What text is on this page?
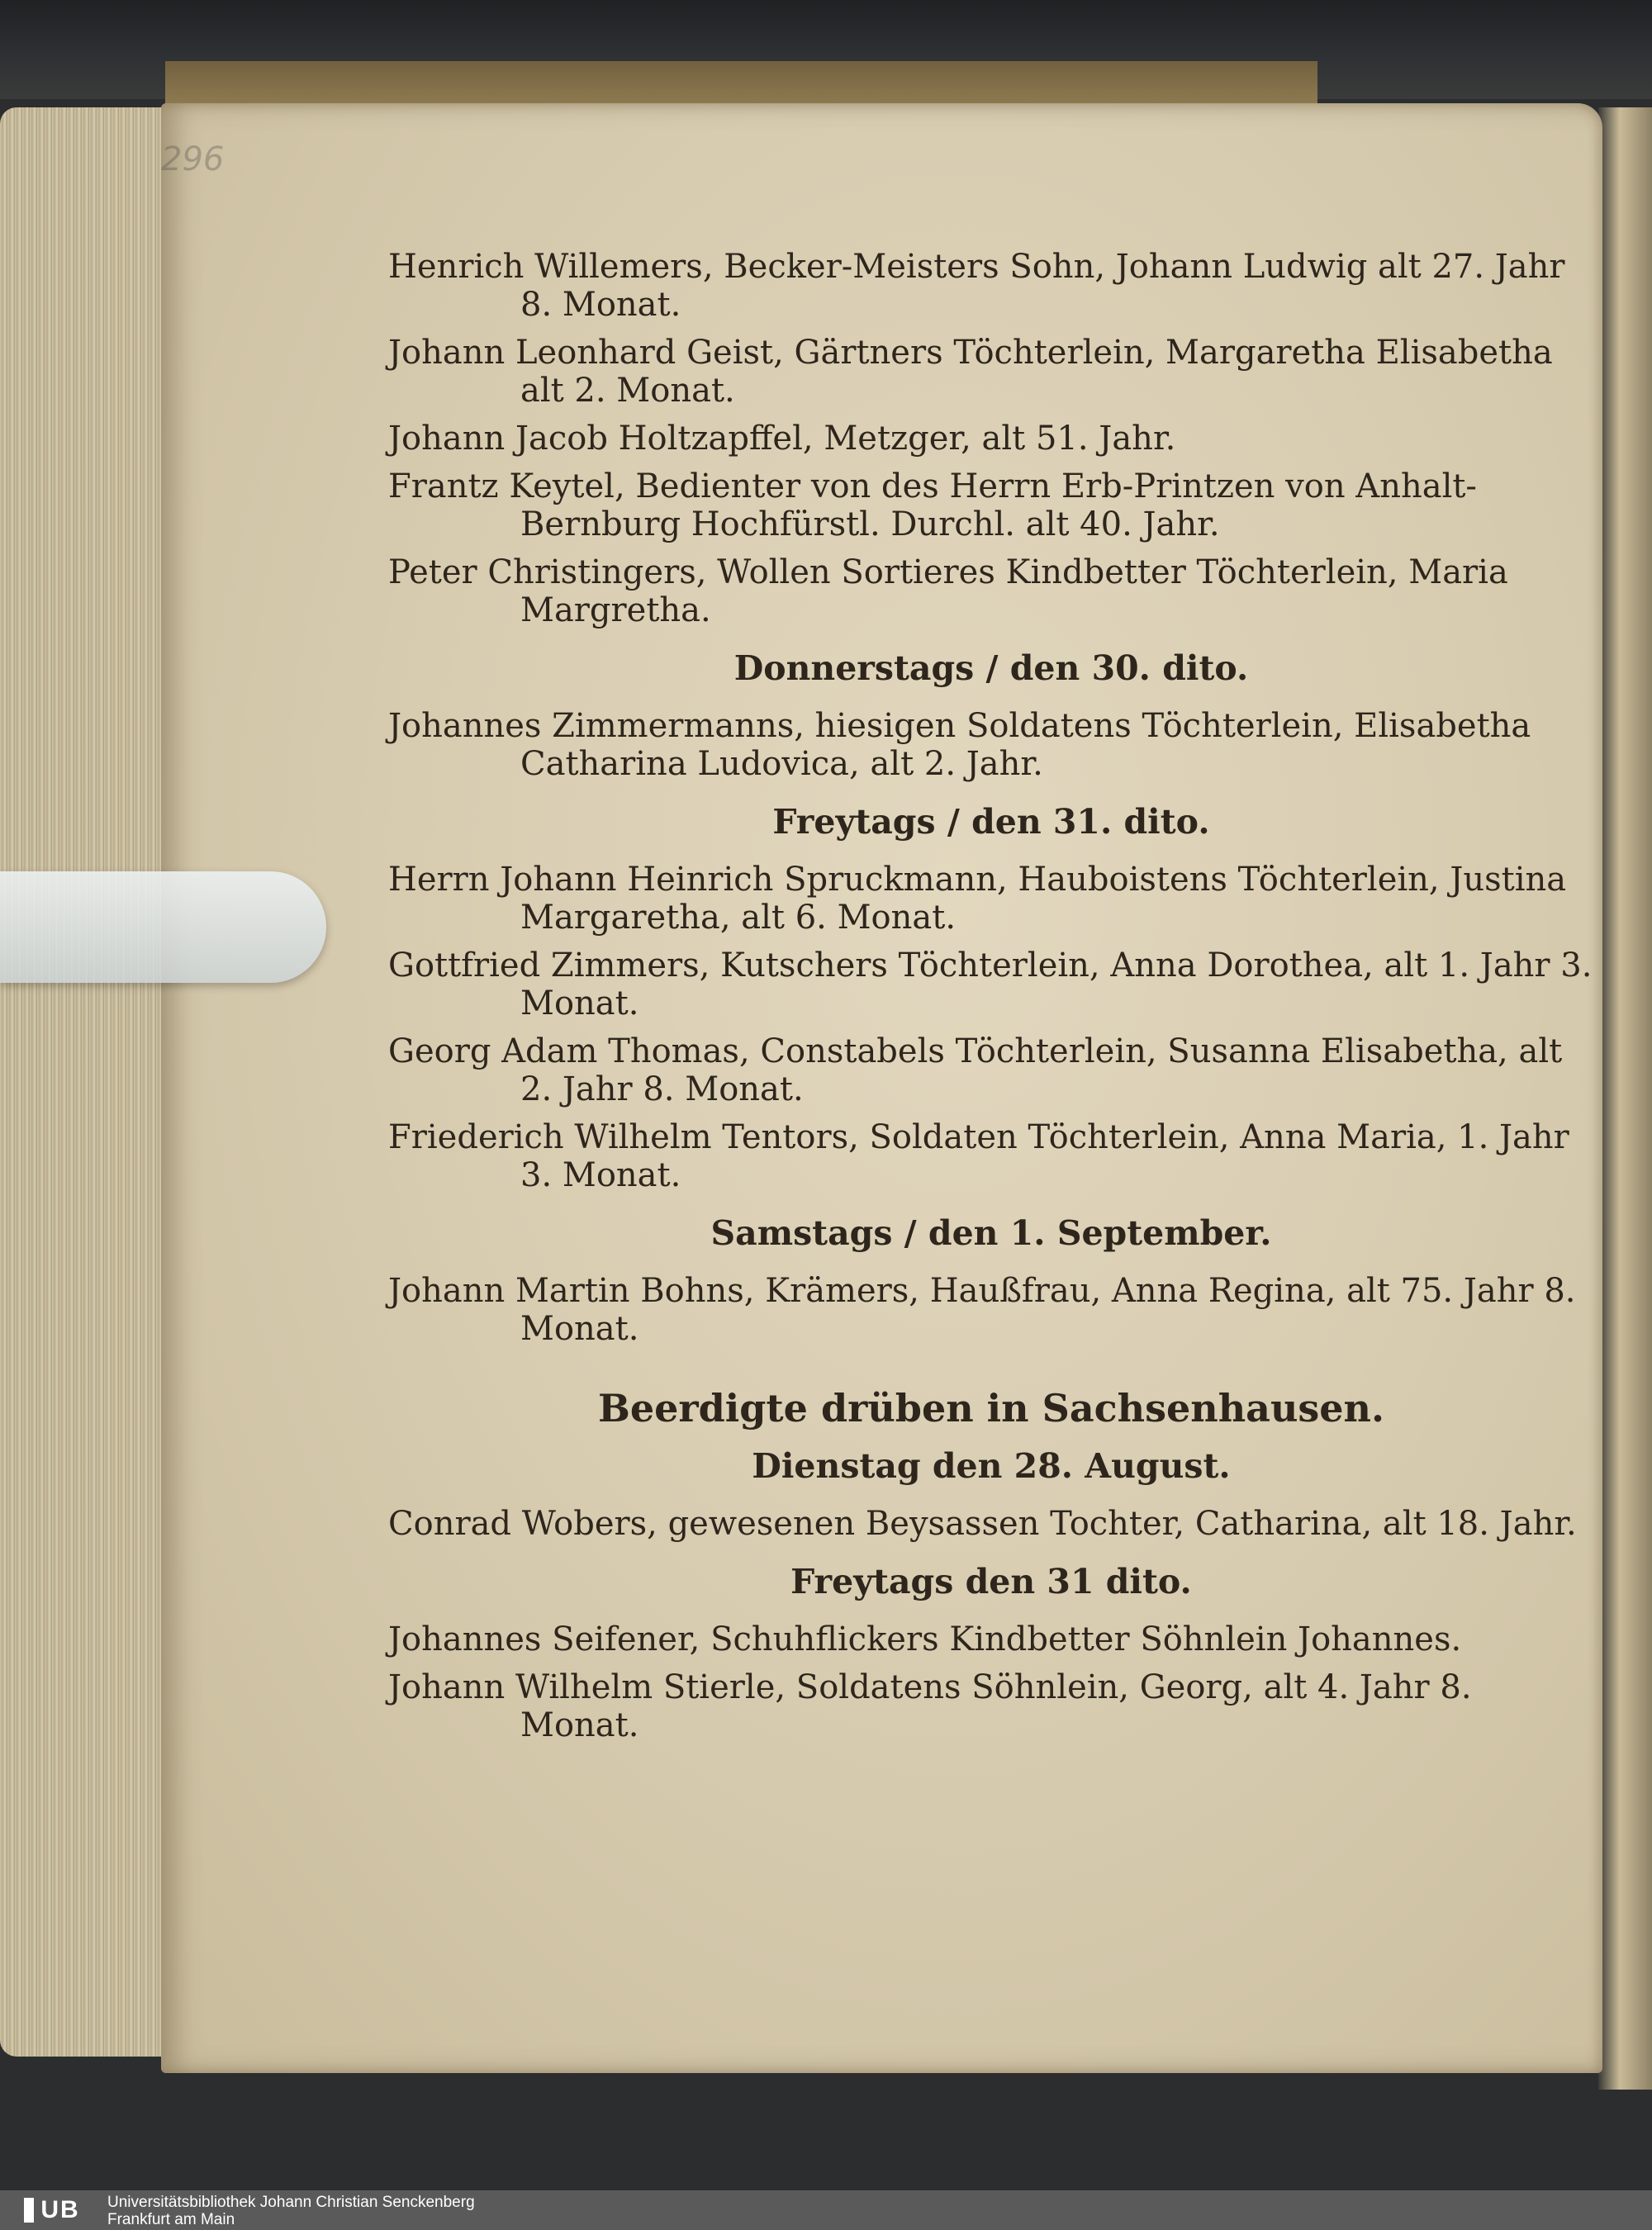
296

Henrich Willemers, Becker-Meisters Sohn, Johann Ludwig alt 27. Jahr 8. Monat.

Johann Leonhard Geist, Gärtners Töchterlein, Margaretha Elisabetha alt 2. Monat.

Johann Jacob Holtzapffel, Metzger, alt 51. Jahr.

Frantz Keytel, Bedienter von des Herrn Erb-Printzen von Anhalt-Bernburg Hochfürstl. Durchl. alt 40. Jahr.

Peter Christingers, Wollen Sortieres Kindbetter Töchterlein, Maria Margretha.

Donnerstags / den 30. dito.

Johannes Zimmermanns, hiesigen Soldatens Töchterlein, Elisabetha Catharina Ludovica, alt 2. Jahr.

Freytags / den 31. dito.

Herrn Johann Heinrich Spruckmann, Hauboistens Töchterlein, Justina Margaretha, alt 6. Monat.

Gottfried Zimmers, Kutschers Töchterlein, Anna Dorothea, alt 1. Jahr 3. Monat.

Georg Adam Thomas, Constabels Töchterlein, Susanna Elisabetha, alt 2. Jahr 8. Monat.

Friederich Wilhelm Tentors, Soldaten Töchterlein, Anna Maria, 1. Jahr 3. Monat.

Samstags / den 1. September.

Johann Martin Bohns, Krämers, Haußfrau, Anna Regina, alt 75. Jahr 8. Monat.

Beerdigte drüben in Sachsenhausen.

Dienstag den 28. August.

Conrad Wobers, gewesenen Beysassen Tochter, Catharina, alt 18. Jahr.

Freytags den 31 dito.

Johannes Seifener, Schuhflickers Kindbetter Söhnlein Johannes.

Johann Wilhelm Stierle, Soldatens Söhnlein, Georg, alt 4. Jahr 8. Monat.

UB Universitätsbibliothek Johann Christian Senckenberg
Frankfurt am Main
